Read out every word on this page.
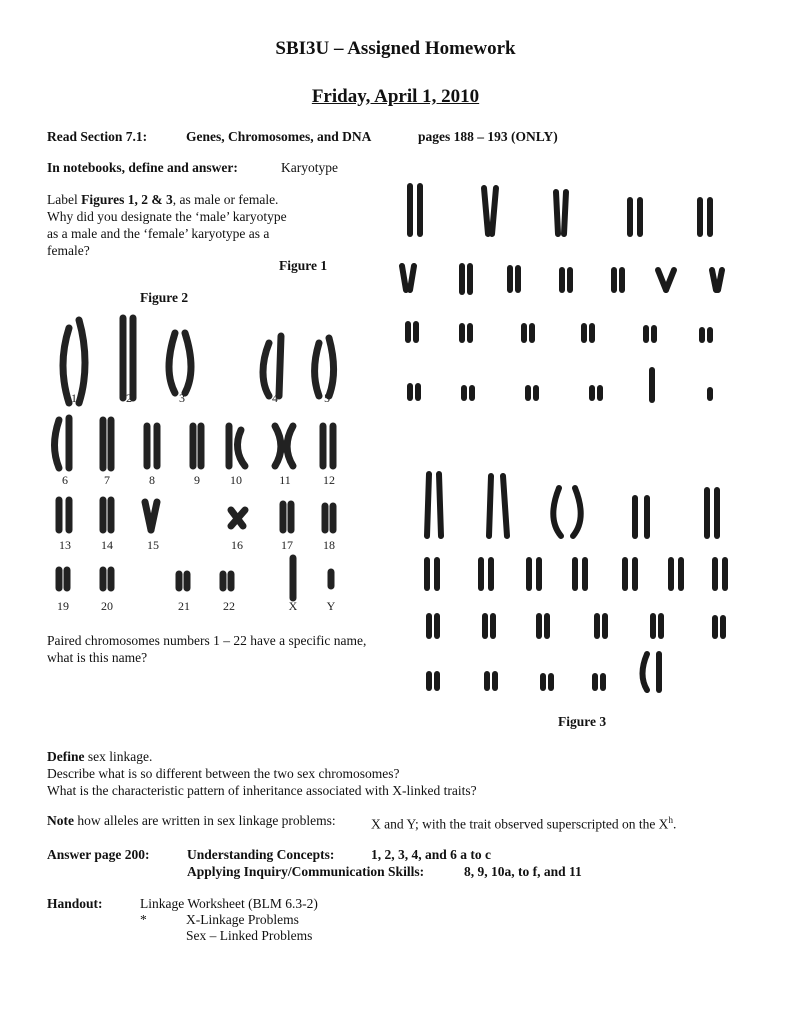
SBI3U – Assigned Homework
Friday, April 1, 2010
Read Section 7.1:	Genes, Chromosomes, and DNA	pages 188 – 193 (ONLY)
In notebooks, define and answer:	Karyotype
Label Figures 1, 2 & 3, as male or female.
Why did you designate the ‘male’ karyotype
as a male and the ‘female’ karyotype as a
female?
Figure 1
Figure 2
1	2	3	4	5
6	7	8	9	10	11	12
13	14	15	16	17	18
19	20	21	22	X Y
Figure 3
Paired chromosomes numbers 1 – 22 have a specific name,
what is this name?
Define sex linkage.
Describe what is so different between the two sex chromosomes?
What is the characteristic pattern of inheritance associated with X-linked traits?
Note how alleles are written in sex linkage problems:	X and Y; with the trait observed superscripted on the $X^h$.
Answer page 200:	Understanding Concepts:	1, 2, 3, 4, and 6 a to c
Applying Inquiry/Communication Skills:	8, 9, 10a, to f, and 11
Handout:	Linkage Worksheet (BLM 6.3-2)
*	X-Linkage Problems
Sex – Linked Problems
